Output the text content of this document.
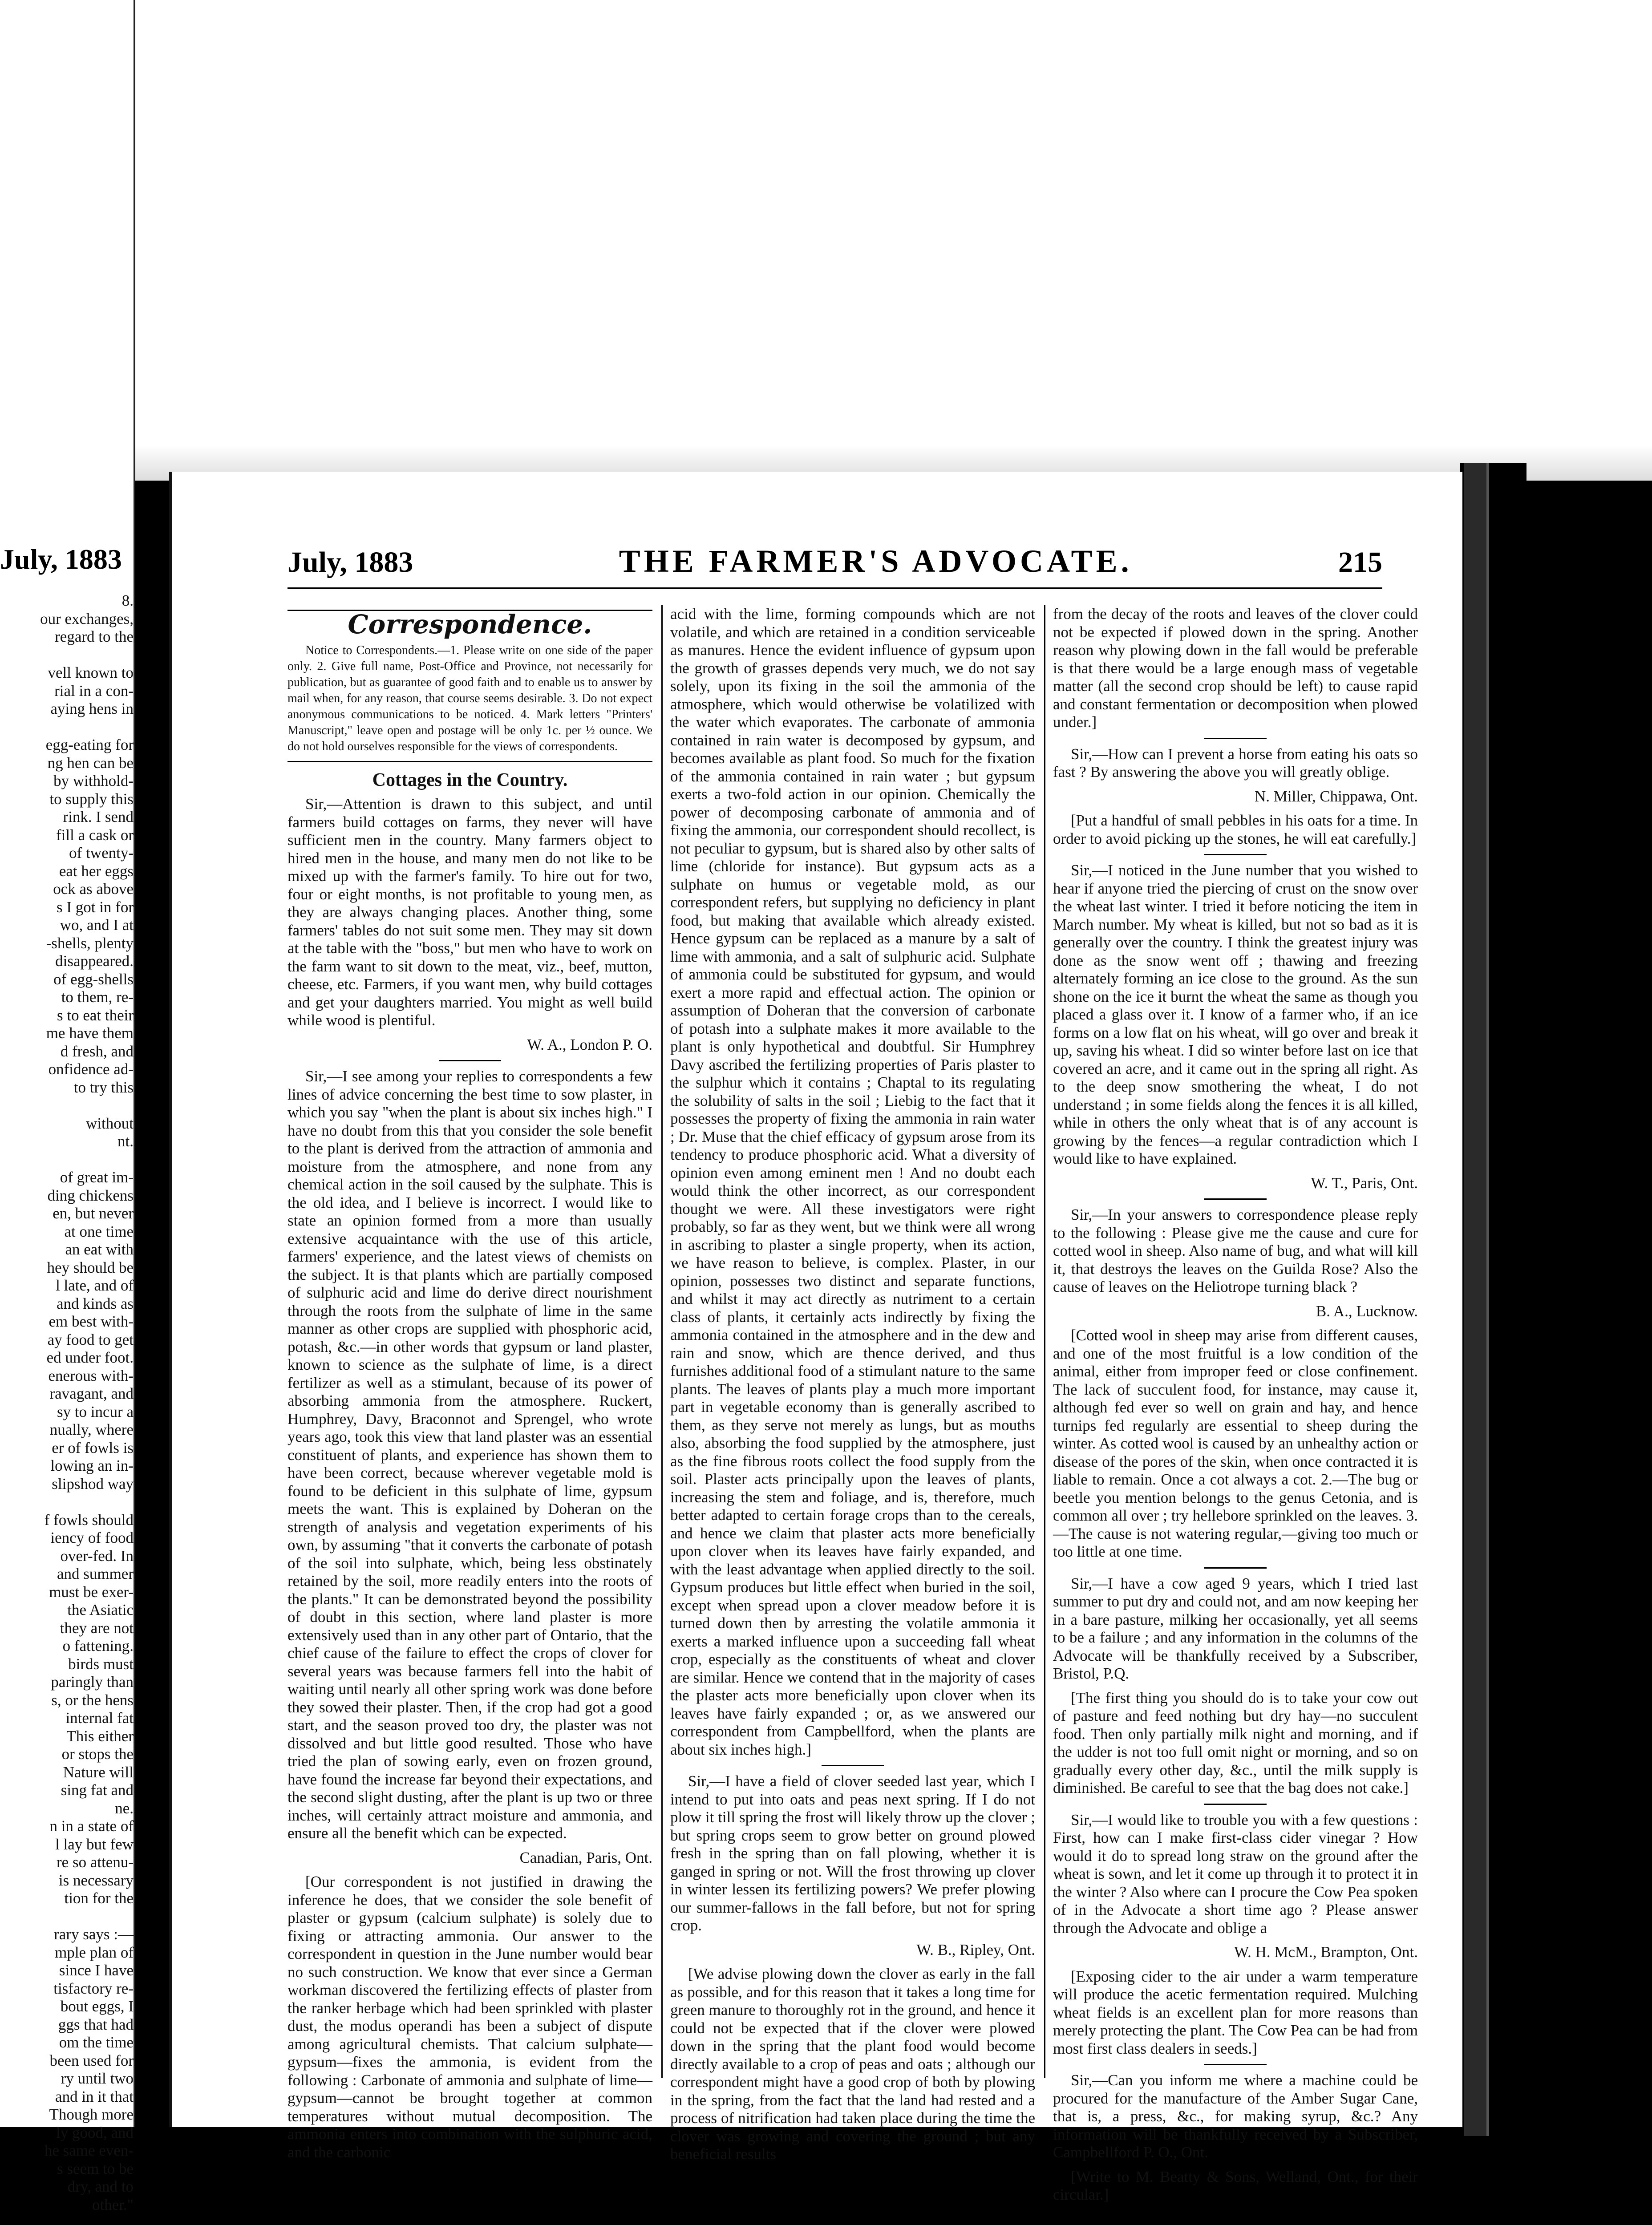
July, 1883
8.
our exchanges,
regard to the

vell known to
rial in a con-
aying hens in

egg-eating for
ng hen can be
by withhold-
to supply this
rink. I send
fill a cask or
of twenty-
eat her eggs
ock as above
s I got in for
wo, and I at
-shells, plenty
disappeared.
of egg-shells
to them, re-
s to eat their
me have them
d fresh, and
onfidence ad-
to try this

without
nt.

of great im-
ding chickens
en, but never
at one time
an eat with
hey should be
l late, and of
and kinds as
em best with-
ay food to get
ed under foot.
enerous with-
ravagant, and
sy to incur a
nually, where
er of fowls is
lowing an in-
slipshod way

f fowls should
iency of food
over-fed. In
and summer
must be exer-
the Asiatic
they are not
o fattening.
birds must
paringly than
s, or the hens
internal fat
This either
or stops the
Nature will
sing fat and
ne.
n in a state of
l lay but few
re so attenu-
is necessary
tion for the

rary says :—
mple plan of
since I have
tisfactory re-
bout eggs, I
ggs that had
om the time
been used for
ry until two
and in it that
Though more
ly good, and
he same even-
s seem to be
dry, and to
other."

July, 1883	THE FARMER'S ADVOCATE.	215
Correspondence.

Notice to Correspondents.—1. Please write on one side of the paper only. 2. Give full name, Post-Office and Province, not necessarily for publication, but as guarantee of good faith and to enable us to answer by mail when, for any reason, that course seems desirable. 3. Do not expect anonymous communications to be noticed. 4. Mark letters "Printers' Manuscript," leave open and postage will be only 1c. per ½ ounce. We do not hold ourselves responsible for the views of correspondents.

Cottages in the Country.

Sir,—Attention is drawn to this subject, and until farmers build cottages on farms, they never will have sufficient men in the country. Many farmers object to hired men in the house, and many men do not like to be mixed up with the farmer's family. To hire out for two, four or eight months, is not profitable to young men, as they are always changing places. Another thing, some farmers' tables do not suit some men. They may sit down at the table with the "boss," but men who have to work on the farm want to sit down to the meat, viz., beef, mutton, cheese, etc. Farmers, if you want men, why build cottages and get your daughters married. You might as well build while wood is plentiful.

W. A., London P. O.

Sir,—I see among your replies to correspondents a few lines of advice concerning the best time to sow plaster, in which you say "when the plant is about six inches high." I have no doubt from this that you consider the sole benefit to the plant is derived from the attraction of ammonia and moisture from the atmosphere, and none from any chemical action in the soil caused by the sulphate. This is the old idea, and I believe is incorrect. I would like to state an opinion formed from a more than usually extensive acquaintance with the use of this article, farmers' experience, and the latest views of chemists on the subject. It is that plants which are partially composed of sulphuric acid and lime do derive direct nourishment through the roots from the sulphate of lime in the same manner as other crops are supplied with phosphoric acid, potash, &c.—in other words that gypsum or land plaster, known to science as the sulphate of lime, is a direct fertilizer as well as a stimulant, because of its power of absorbing ammonia from the atmosphere. Ruckert, Humphrey, Davy, Braconnot and Sprengel, who wrote years ago, took this view that land plaster was an essential constituent of plants, and experience has shown them to have been correct, because wherever vegetable mold is found to be deficient in this sulphate of lime, gypsum meets the want. This is explained by Doheran on the strength of analysis and vegetation experiments of his own, by assuming "that it converts the carbonate of potash of the soil into sulphate, which, being less obstinately retained by the soil, more readily enters into the roots of the plants." It can be demonstrated beyond the possibility of doubt in this section, where land plaster is more extensively used than in any other part of Ontario, that the chief cause of the failure to effect the crops of clover for several years was because farmers fell into the habit of waiting until nearly all other spring work was done before they sowed their plaster. Then, if the crop had got a good start, and the season proved too dry, the plaster was not dissolved and but little good resulted. Those who have tried the plan of sowing early, even on frozen ground, have found the increase far beyond their expectations, and the second slight dusting, after the plant is up two or three inches, will certainly attract moisture and ammonia, and ensure all the benefit which can be expected.

Canadian, Paris, Ont.

[Our correspondent is not justified in drawing the inference he does, that we consider the sole benefit of plaster or gypsum (calcium sulphate) is solely due to fixing or attracting ammonia. Our answer to the correspondent in question in the June number would bear no such construction. We know that ever since a German workman discovered the fertilizing effects of plaster from the ranker herbage which had been sprinkled with plaster dust, the modus operandi has been a subject of dispute among agricultural chemists. That calcium sulphate—gypsum—fixes the ammonia, is evident from the following : Carbonate of ammonia and sulphate of lime—gypsum—cannot be brought together at common temperatures without mutual decomposition. The ammonia enters into combination with the sulphuric acid, and the carbonic

acid with the lime, forming compounds which are not volatile, and which are retained in a condition serviceable as manures. Hence the evident influence of gypsum upon the growth of grasses depends very much, we do not say solely, upon its fixing in the soil the ammonia of the atmosphere, which would otherwise be volatilized with the water which evaporates. The carbonate of ammonia contained in rain water is decomposed by gypsum, and becomes available as plant food. So much for the fixation of the ammonia contained in rain water ; but gypsum exerts a two-fold action in our opinion. Chemically the power of decomposing carbonate of ammonia and of fixing the ammonia, our correspondent should recollect, is not peculiar to gypsum, but is shared also by other salts of lime (chloride for instance). But gypsum acts as a sulphate on humus or vegetable mold, as our correspondent refers, but supplying no deficiency in plant food, but making that available which already existed. Hence gypsum can be replaced as a manure by a salt of lime with ammonia, and a salt of sulphuric acid. Sulphate of ammonia could be substituted for gypsum, and would exert a more rapid and effectual action. The opinion or assumption of Doheran that the conversion of carbonate of potash into a sulphate makes it more available to the plant is only hypothetical and doubtful. Sir Humphrey Davy ascribed the fertilizing properties of Paris plaster to the sulphur which it contains ; Chaptal to its regulating the solubility of salts in the soil ; Liebig to the fact that it possesses the property of fixing the ammonia in rain water ; Dr. Muse that the chief efficacy of gypsum arose from its tendency to produce phosphoric acid. What a diversity of opinion even among eminent men ! And no doubt each would think the other incorrect, as our correspondent thought we were. All these investigators were right probably, so far as they went, but we think were all wrong in ascribing to plaster a single property, when its action, we have reason to believe, is complex. Plaster, in our opinion, possesses two distinct and separate functions, and whilst it may act directly as nutriment to a certain class of plants, it certainly acts indirectly by fixing the ammonia contained in the atmosphere and in the dew and rain and snow, which are thence derived, and thus furnishes additional food of a stimulant nature to the same plants. The leaves of plants play a much more important part in vegetable economy than is generally ascribed to them, as they serve not merely as lungs, but as mouths also, absorbing the food supplied by the atmosphere, just as the fine fibrous roots collect the food supply from the soil. Plaster acts principally upon the leaves of plants, increasing the stem and foliage, and is, therefore, much better adapted to certain forage crops than to the cereals, and hence we claim that plaster acts more beneficially upon clover when its leaves have fairly expanded, and with the least advantage when applied directly to the soil. Gypsum produces but little effect when buried in the soil, except when spread upon a clover meadow before it is turned down then by arresting the volatile ammonia it exerts a marked influence upon a succeeding fall wheat crop, especially as the constituents of wheat and clover are similar. Hence we contend that in the majority of cases the plaster acts more beneficially upon clover when its leaves have fairly expanded ; or, as we answered our correspondent from Campbellford, when the plants are about six inches high.]

Sir,—I have a field of clover seeded last year, which I intend to put into oats and peas next spring. If I do not plow it till spring the frost will likely throw up the clover ; but spring crops seem to grow better on ground plowed fresh in the spring than on fall plowing, whether it is ganged in spring or not. Will the frost throwing up clover in winter lessen its fertilizing powers? We prefer plowing our summer-fallows in the fall before, but not for spring crop.

W. B., Ripley, Ont.

[We advise plowing down the clover as early in the fall as possible, and for this reason that it takes a long time for green manure to thoroughly rot in the ground, and hence it could not be expected that if the clover were plowed down in the spring that the plant food would become directly available to a crop of peas and oats ; although our correspondent might have a good crop of both by plowing in the spring, from the fact that the land had rested and a process of nitrification had taken place during the time the clover was growing and covering the ground ; but any beneficial results

from the decay of the roots and leaves of the clover could not be expected if plowed down in the spring. Another reason why plowing down in the fall would be preferable is that there would be a large enough mass of vegetable matter (all the second crop should be left) to cause rapid and constant fermentation or decomposition when plowed under.]

Sir,—How can I prevent a horse from eating his oats so fast ? By answering the above you will greatly oblige.

N. Miller, Chippawa, Ont.

[Put a handful of small pebbles in his oats for a time. In order to avoid picking up the stones, he will eat carefully.]

Sir,—I noticed in the June number that you wished to hear if anyone tried the piercing of crust on the snow over the wheat last winter. I tried it before noticing the item in March number. My wheat is killed, but not so bad as it is generally over the country. I think the greatest injury was done as the snow went off ; thawing and freezing alternately forming an ice close to the ground. As the sun shone on the ice it burnt the wheat the same as though you placed a glass over it. I know of a farmer who, if an ice forms on a low flat on his wheat, will go over and break it up, saving his wheat. I did so winter before last on ice that covered an acre, and it came out in the spring all right. As to the deep snow smothering the wheat, I do not understand ; in some fields along the fences it is all killed, while in others the only wheat that is of any account is growing by the fences—a regular contradiction which I would like to have explained.

W. T., Paris, Ont.

Sir,—In your answers to correspondence please reply to the following : Please give me the cause and cure for cotted wool in sheep. Also name of bug, and what will kill it, that destroys the leaves on the Guilda Rose? Also the cause of leaves on the Heliotrope turning black ?

B. A., Lucknow.

[Cotted wool in sheep may arise from different causes, and one of the most fruitful is a low condition of the animal, either from improper feed or close confinement. The lack of succulent food, for instance, may cause it, although fed ever so well on grain and hay, and hence turnips fed regularly are essential to sheep during the winter. As cotted wool is caused by an unhealthy action or disease of the pores of the skin, when once contracted it is liable to remain. Once a cot always a cot. 2.—The bug or beetle you mention belongs to the genus Cetonia, and is common all over ; try hellebore sprinkled on the leaves. 3.—The cause is not watering regular,—giving too much or too little at one time.

Sir,—I have a cow aged 9 years, which I tried last summer to put dry and could not, and am now keeping her in a bare pasture, milking her occasionally, yet all seems to be a failure ; and any information in the columns of the Advocate will be thankfully received by a Subscriber, Bristol, P.Q.

[The first thing you should do is to take your cow out of pasture and feed nothing but dry hay—no succulent food. Then only partially milk night and morning, and if the udder is not too full omit night or morning, and so on gradually every other day, &c., until the milk supply is diminished. Be careful to see that the bag does not cake.]

Sir,—I would like to trouble you with a few questions : First, how can I make first-class cider vinegar ? How would it do to spread long straw on the ground after the wheat is sown, and let it come up through it to protect it in the winter ? Also where can I procure the Cow Pea spoken of in the Advocate a short time ago ? Please answer through the Advocate and oblige a

W. H. McM., Brampton, Ont.

[Exposing cider to the air under a warm temperature will produce the acetic fermentation required. Mulching wheat fields is an excellent plan for more reasons than merely protecting the plant. The Cow Pea can be had from most first class dealers in seeds.]

Sir,—Can you inform me where a machine could be procured for the manufacture of the Amber Sugar Cane, that is, a press, &c., for making syrup, &c.? Any information will be thankfully received by a Subscriber, Campbellford P. O., Ont.

[Write to M. Beatty & Sons, Welland, Ont., for their circular.]
